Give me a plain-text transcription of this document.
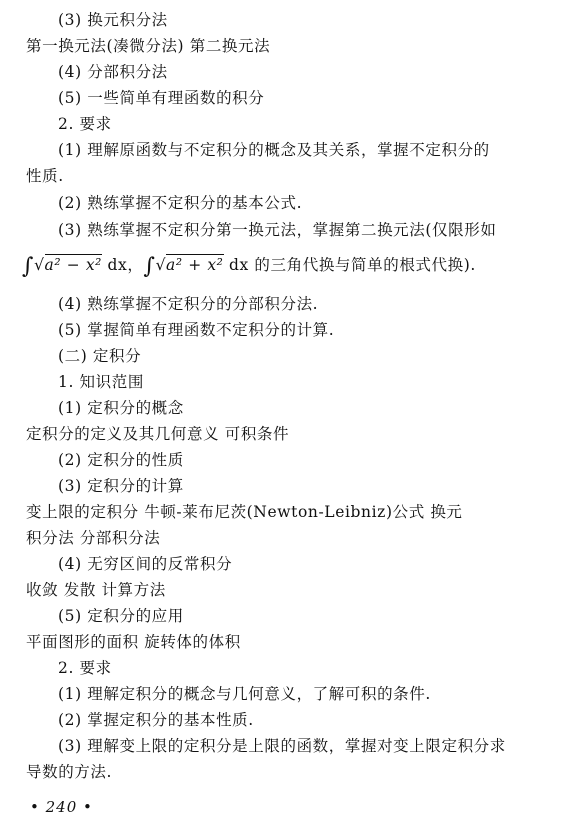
(3) 换元积分法
第一换元法(凑微分法) 第二换元法
(4) 分部积分法
(5) 一些简单有理函数的积分
2. 要求
(1) 理解原函数与不定积分的概念及其关系，掌握不定积分的
性质.
(2) 熟练掌握不定积分的基本公式.
(3) 熟练掌握不定积分第一换元法，掌握第二换元法(仅限形如
∫√a² − x² dx，∫√a² + x² dx 的三角代换与简单的根式代换).
(4) 熟练掌握不定积分的分部积分法.
(5) 掌握简单有理函数不定积分的计算.
(二) 定积分
1. 知识范围
(1) 定积分的概念
定积分的定义及其几何意义 可积条件
(2) 定积分的性质
(3) 定积分的计算
变上限的定积分 牛顿-莱布尼茨(Newton-Leibniz)公式 换元
积分法 分部积分法
(4) 无穷区间的反常积分
收敛 发散 计算方法
(5) 定积分的应用
平面图形的面积 旋转体的体积
2. 要求
(1) 理解定积分的概念与几何意义，了解可积的条件.
(2) 掌握定积分的基本性质.
(3) 理解变上限的定积分是上限的函数，掌握对变上限定积分求
导数的方法.
• 240 •
